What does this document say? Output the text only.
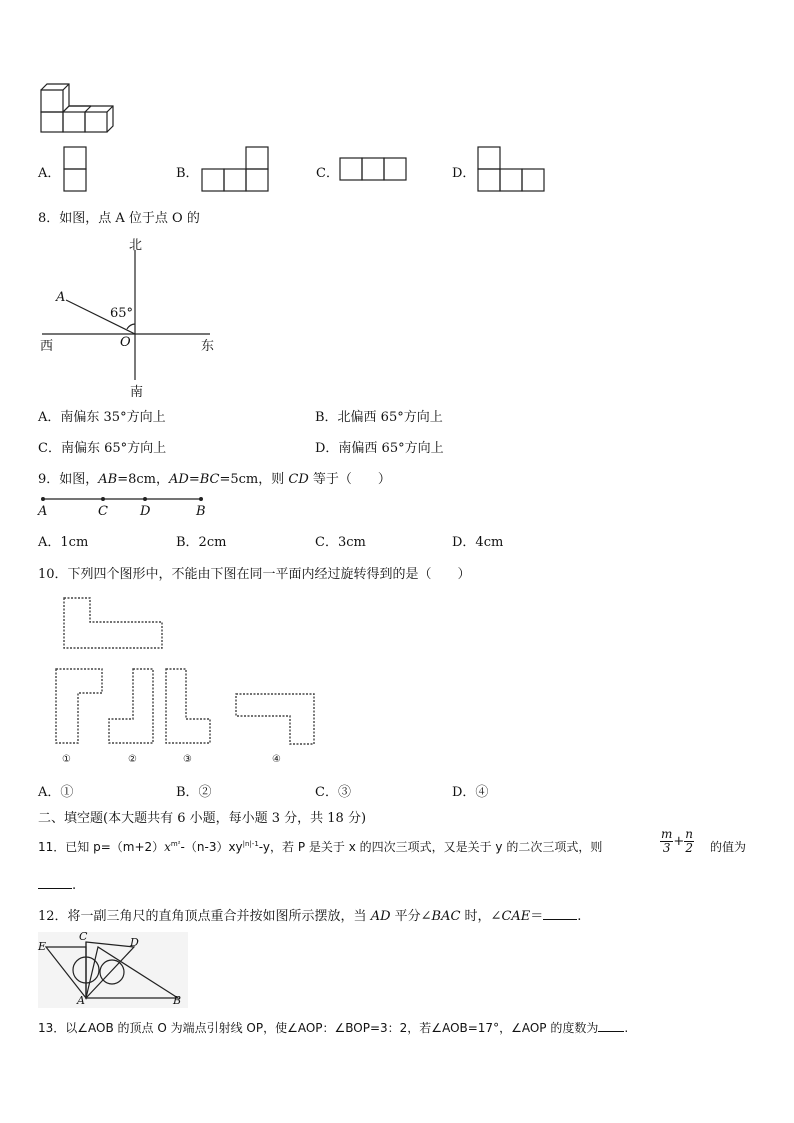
A．	B．	C．	D．
8．如图，点 A 位于点 O 的
北
A
65°
西	O	东
南
A．南偏东 35°方向上	B．北偏西 65°方向上
C．南偏东 65°方向上	D．南偏西 65°方向上
9．如图，AB=8cm，AD=BC=5cm，则 CD 等于（　　）
A	C D	B
A．1cm	B．2cm	C．3cm	D．4cm
10．下列四个图形中，不能由下图在同一平面内经过旋转得到的是（　　）
①	②	③	④
A．①	B．②	C．③	D．④
二、填空题(本大题共有 6 小题，每小题 3 分，共 18 分)
11．已知 $p=(m+2)x^{m^2}-(n-3)xy^{|n|-1}-y$，若 P 是关于 x 的四次三项式，又是关于 y 的二次三项式，则	$\frac{m}{3} + \frac{n}{2}$ 的值为
.
12．将一副三角尺的直角顶点重合并按如图所示摆放，当 AD 平分∠BAC 时，∠CAE＝	.
E
C	D
A	B
13．以∠AOB 的顶点 O 为端点引射线 OP，使∠AOP：∠BOP=3：2，若∠AOB=17°，∠AOP 的度数为 .
